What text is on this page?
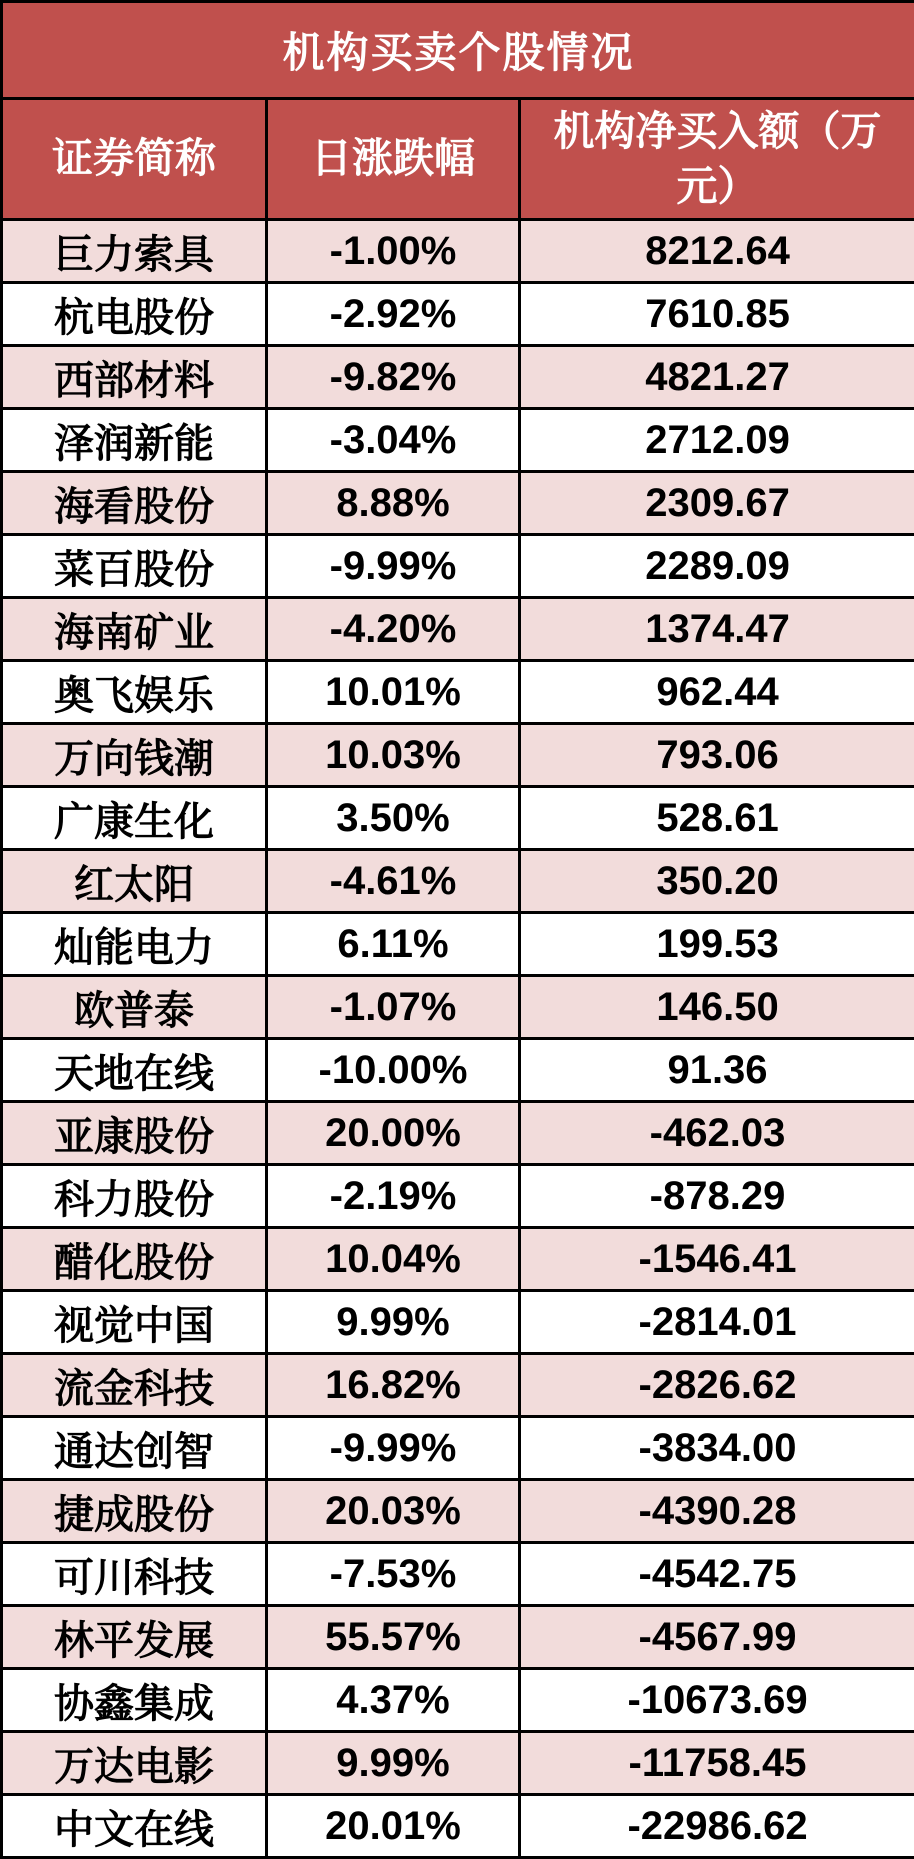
机构买卖个股情况		
证券简称	日涨跌幅	机构净买入额（万元）
巨力索具	-1.00%	8212.64
杭电股份	-2.92%	7610.85
西部材料	-9.82%	4821.27
泽润新能	-3.04%	2712.09
海看股份	8.88%	2309.67
菜百股份	-9.99%	2289.09
海南矿业	-4.20%	1374.47
奥飞娱乐	10.01%	962.44
万向钱潮	10.03%	793.06
广康生化	3.50%	528.61
红太阳	-4.61%	350.20
灿能电力	6.11%	199.53
欧普泰	-1.07%	146.50
天地在线	-10.00%	91.36
亚康股份	20.00%	-462.03
科力股份	-2.19%	-878.29
醋化股份	10.04%	-1546.41
视觉中国	9.99%	-2814.01
流金科技	16.82%	-2826.62
通达创智	-9.99%	-3834.00
捷成股份	20.03%	-4390.28
可川科技	-7.53%	-4542.75
林平发展	55.57%	-4567.99
协鑫集成	4.37%	-10673.69
万达电影	9.99%	-11758.45
中文在线	20.01%	-22986.62
